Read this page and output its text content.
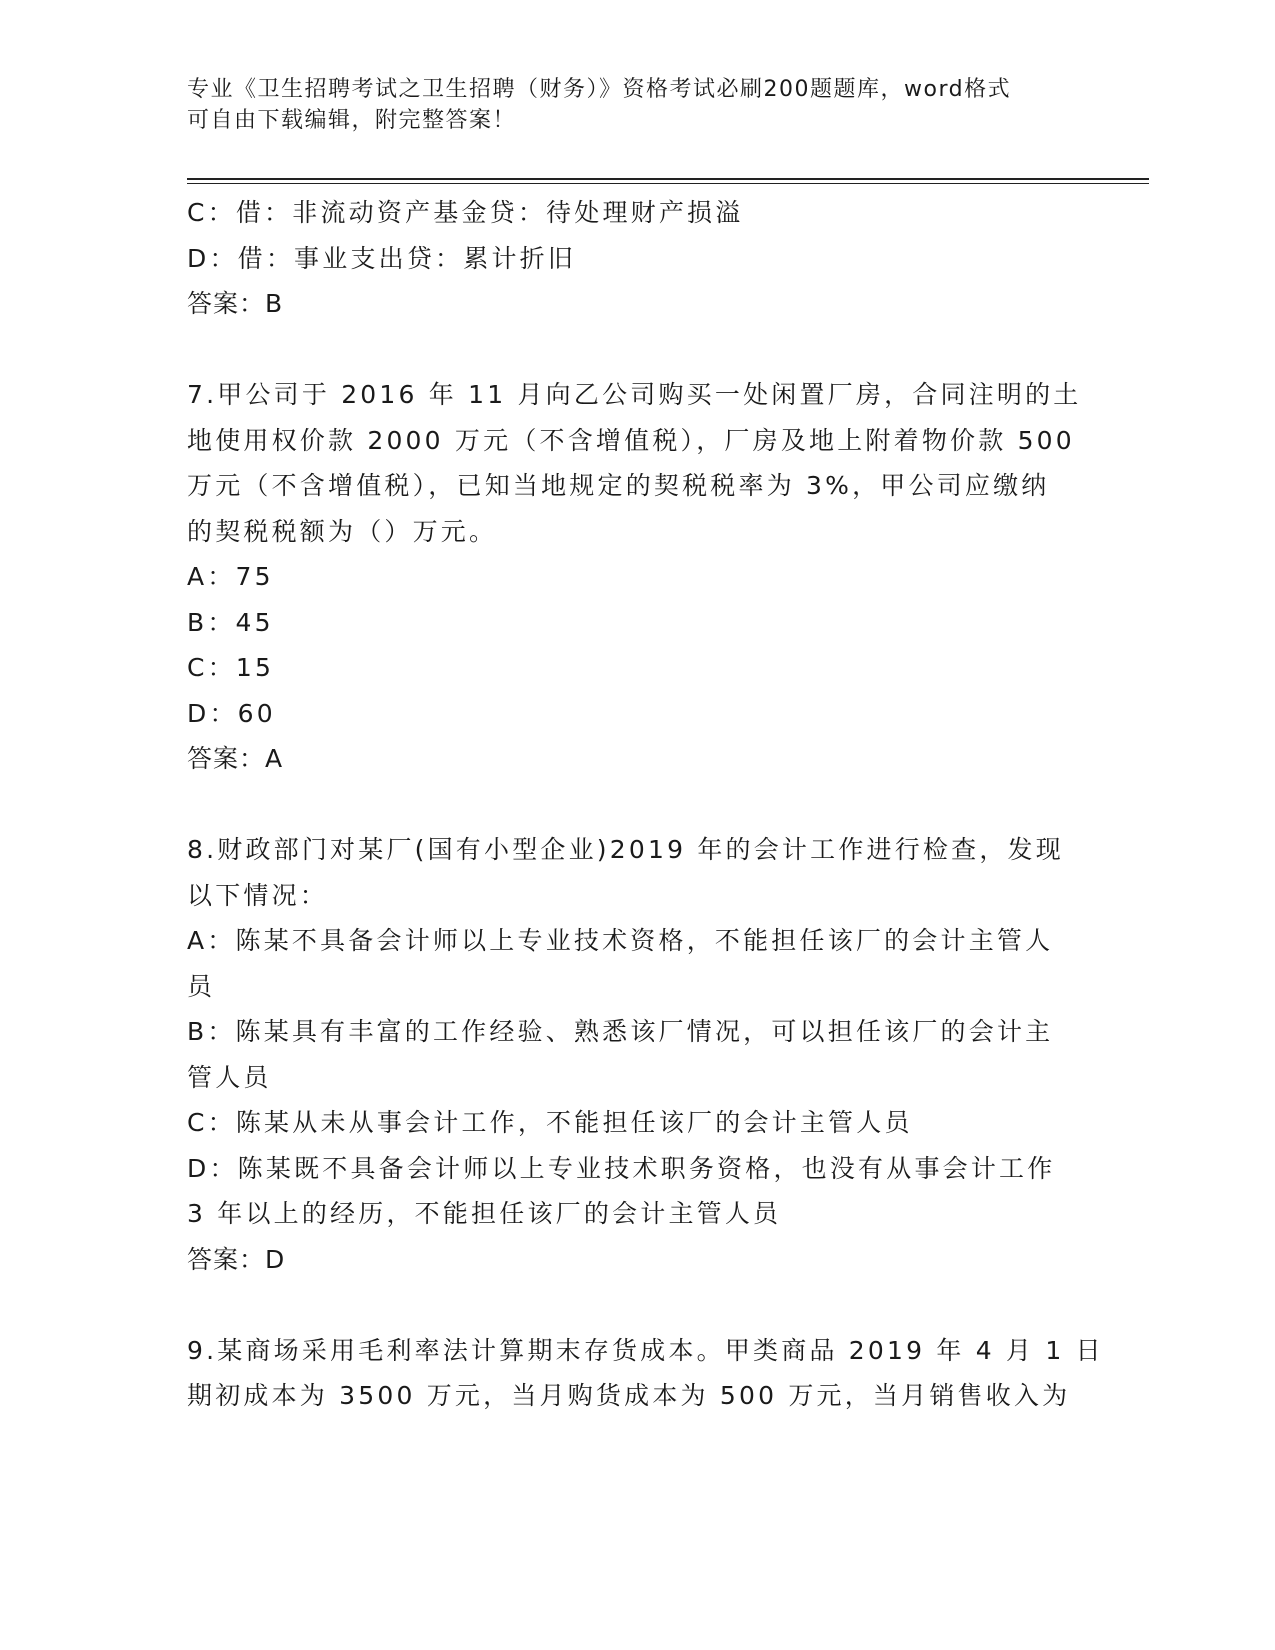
专业《卫生招聘考试之卫生招聘（财务）》资格考试必刷200题题库，word格式
可自由下载编辑，附完整答案！
C：借：非流动资产基金贷：待处理财产损溢
D：借：事业支出贷：累计折旧
答案：B
7.甲公司于 2016 年 11 月向乙公司购买一处闲置厂房，合同注明的土
地使用权价款 2000 万元（不含增值税），厂房及地上附着物价款 500
万元（不含增值税），已知当地规定的契税税率为 3%，甲公司应缴纳
的契税税额为（）万元。
A：75
B：45
C：15
D：60
答案：A
8.财政部门对某厂(国有小型企业)2019 年的会计工作进行检查，发现
以下情况：
A：陈某不具备会计师以上专业技术资格，不能担任该厂的会计主管人
员
B：陈某具有丰富的工作经验、熟悉该厂情况，可以担任该厂的会计主
管人员
C：陈某从未从事会计工作，不能担任该厂的会计主管人员
D：陈某既不具备会计师以上专业技术职务资格，也没有从事会计工作
3 年以上的经历，不能担任该厂的会计主管人员
答案：D
9.某商场采用毛利率法计算期末存货成本。甲类商品 2019 年 4 月 1 日
期初成本为 3500 万元，当月购货成本为 500 万元，当月销售收入为
